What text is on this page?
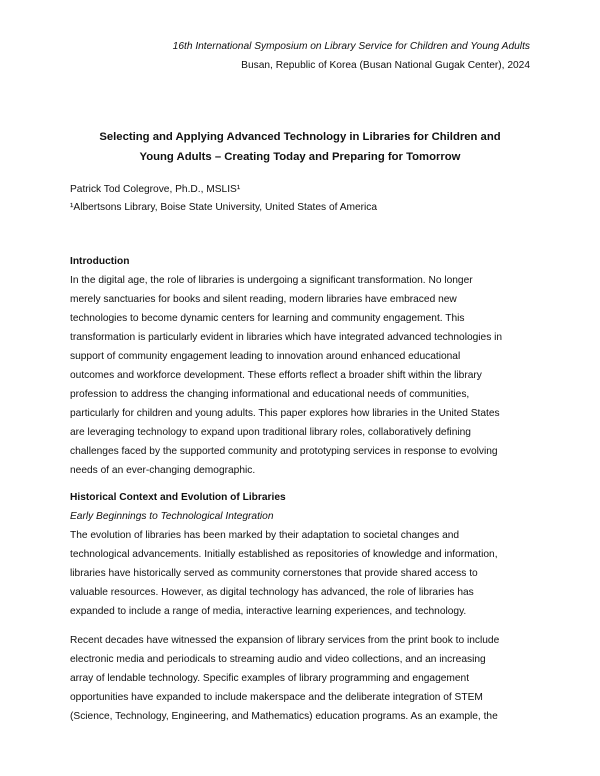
16th International Symposium on Library Service for Children and Young Adults
Busan, Republic of Korea (Busan National Gugak Center), 2024
Selecting and Applying Advanced Technology in Libraries for Children and
Young Adults – Creating Today and Preparing for Tomorrow
Patrick Tod Colegrove, Ph.D., MSLIS¹
¹Albertsons Library, Boise State University, United States of America
Introduction

In the digital age, the role of libraries is undergoing a significant transformation. No longer
merely sanctuaries for books and silent reading, modern libraries have embraced new
technologies to become dynamic centers for learning and community engagement. This
transformation is particularly evident in libraries which have integrated advanced technologies in
support of community engagement leading to innovation around enhanced educational
outcomes and workforce development. These efforts reflect a broader shift within the library
profession to address the changing informational and educational needs of communities,
particularly for children and young adults. This paper explores how libraries in the United States
are leveraging technology to expand upon traditional library roles, collaboratively defining
challenges faced by the supported community and prototyping services in response to evolving
needs of an ever-changing demographic.

Historical Context and Evolution of Libraries
Early Beginnings to Technological Integration

The evolution of libraries has been marked by their adaptation to societal changes and
technological advancements. Initially established as repositories of knowledge and information,
libraries have historically served as community cornerstones that provide shared access to
valuable resources. However, as digital technology has advanced, the role of libraries has
expanded to include a range of media, interactive learning experiences, and technology.

Recent decades have witnessed the expansion of library services from the print book to include
electronic media and periodicals to streaming audio and video collections, and an increasing
array of lendable technology. Specific examples of library programming and engagement
opportunities have expanded to include makerspace and the deliberate integration of STEM
(Science, Technology, Engineering, and Mathematics) education programs. As an example, the
